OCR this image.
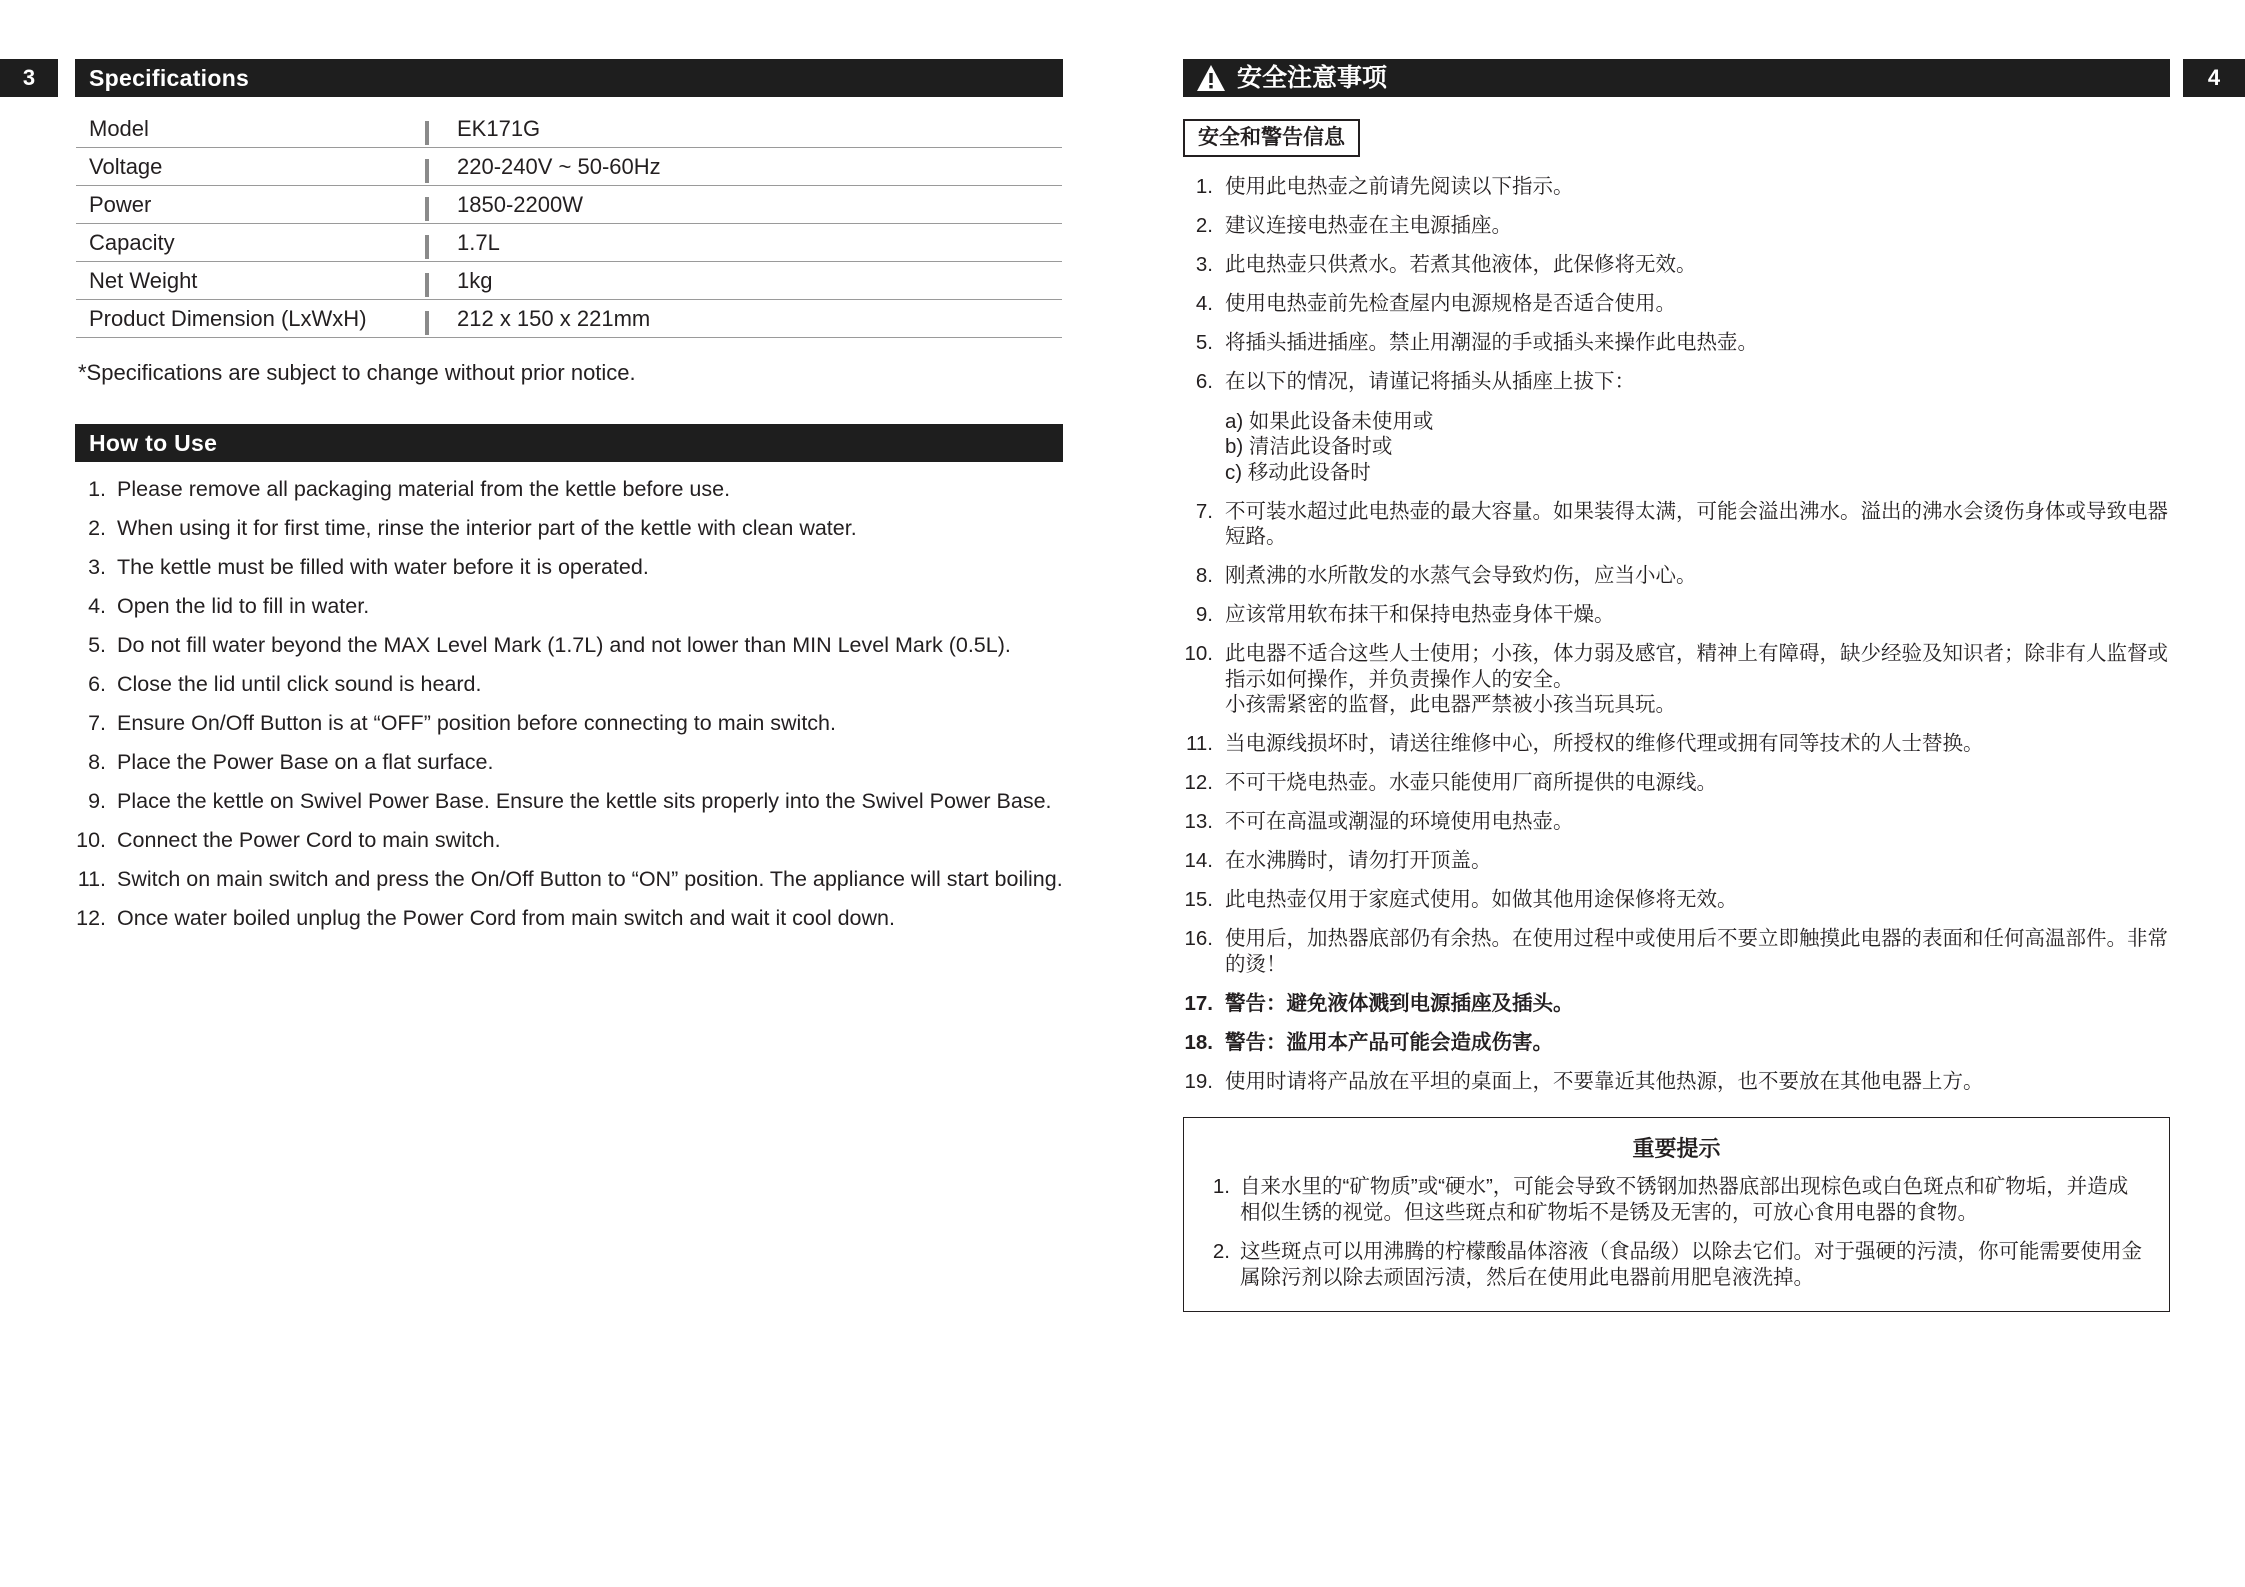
3	Specifications
Model	EK171G
Voltage	220-240V ~ 50-60Hz
Power	1850-2200W
Capacity	1.7L
Net Weight	1kg
Product Dimension (LxWxH)	212 x 150 x 221mm
*Specifications are subject to change without prior notice.
How to Use
1. Please remove all packaging material from the kettle before use.
2. When using it for first time, rinse the interior part of the kettle with clean water.
3. The kettle must be filled with water before it is operated.
4. Open the lid to fill in water.
5. Do not fill water beyond the MAX Level Mark (1.7L) and not lower than MIN Level Mark (0.5L).
6. Close the lid until click sound is heard.
7. Ensure On/Off Button is at “OFF” position before connecting to main switch.
8. Place the Power Base on a flat surface.
9. Place the kettle on Swivel Power Base. Ensure the kettle sits properly into the Swivel Power Base.
10. Connect the Power Cord to main switch.
11. Switch on main switch and press the On/Off Button to “ON” position. The appliance will start boiling.
12. Once water boiled unplug the Power Cord from main switch and wait it cool down.
安全注意事项	4
安全和警告信息
1. 使用此电热壶之前请先阅读以下指示。
2. 建议连接电热壶在主电源插座。
3. 此电热壶只供煮水。若煮其他液体，此保修将无效。
4. 使用电热壶前先检查屋内电源规格是否适合使用。
5. 将插头插进插座。禁止用潮湿的手或插头来操作此电热壶。
6. 在以下的情况，请谨记将插头从插座上拔下：
a) 如果此设备未使用或
b) 清洁此设备时或
c) 移动此设备时
7. 不可装水超过此电热壶的最大容量。如果装得太满，可能会溢出沸水。溢出的沸水会烫伤身体或导致电器短路。
8. 刚煮沸的水所散发的水蒸气会导致灼伤，应当小心。
9. 应该常用软布抹干和保持电热壶身体干燥。
10. 此电器不适合这些人士使用；小孩，体力弱及感官，精神上有障碍，缺少经验及知识者；除非有人监督或指示如何操作，并负责操作人的安全。
小孩需紧密的监督，此电器严禁被小孩当玩具玩。
11. 当电源线损坏时，请送往维修中心，所授权的维修代理或拥有同等技术的人士替换。
12. 不可干烧电热壶。水壶只能使用厂商所提供的电源线。
13. 不可在高温或潮湿的环境使用电热壶。
14. 在水沸腾时，请勿打开顶盖。
15. 此电热壶仅用于家庭式使用。如做其他用途保修将无效。
16. 使用后，加热器底部仍有余热。在使用过程中或使用后不要立即触摸此电器的表面和任何高温部件。非常的烫！
17. 警告：避免液体溅到电源插座及插头。
18. 警告：滥用本产品可能会造成伤害。
19. 使用时请将产品放在平坦的桌面上，不要靠近其他热源，也不要放在其他电器上方。
重要提示
1. 自来水里的“矿物质”或“硬水”，可能会导致不锈钢加热器底部出现棕色或白色斑点和矿物垢，并造成相似生锈的视觉。但这些斑点和矿物垢不是锈及无害的，可放心食用电器的食物。
2. 这些斑点可以用沸腾的柠檬酸晶体溶液（食品级）以除去它们。对于强硬的污渍，你可能需要使用金属除污剂以除去顽固污渍，然后在使用此电器前用肥皂液洗掉。
